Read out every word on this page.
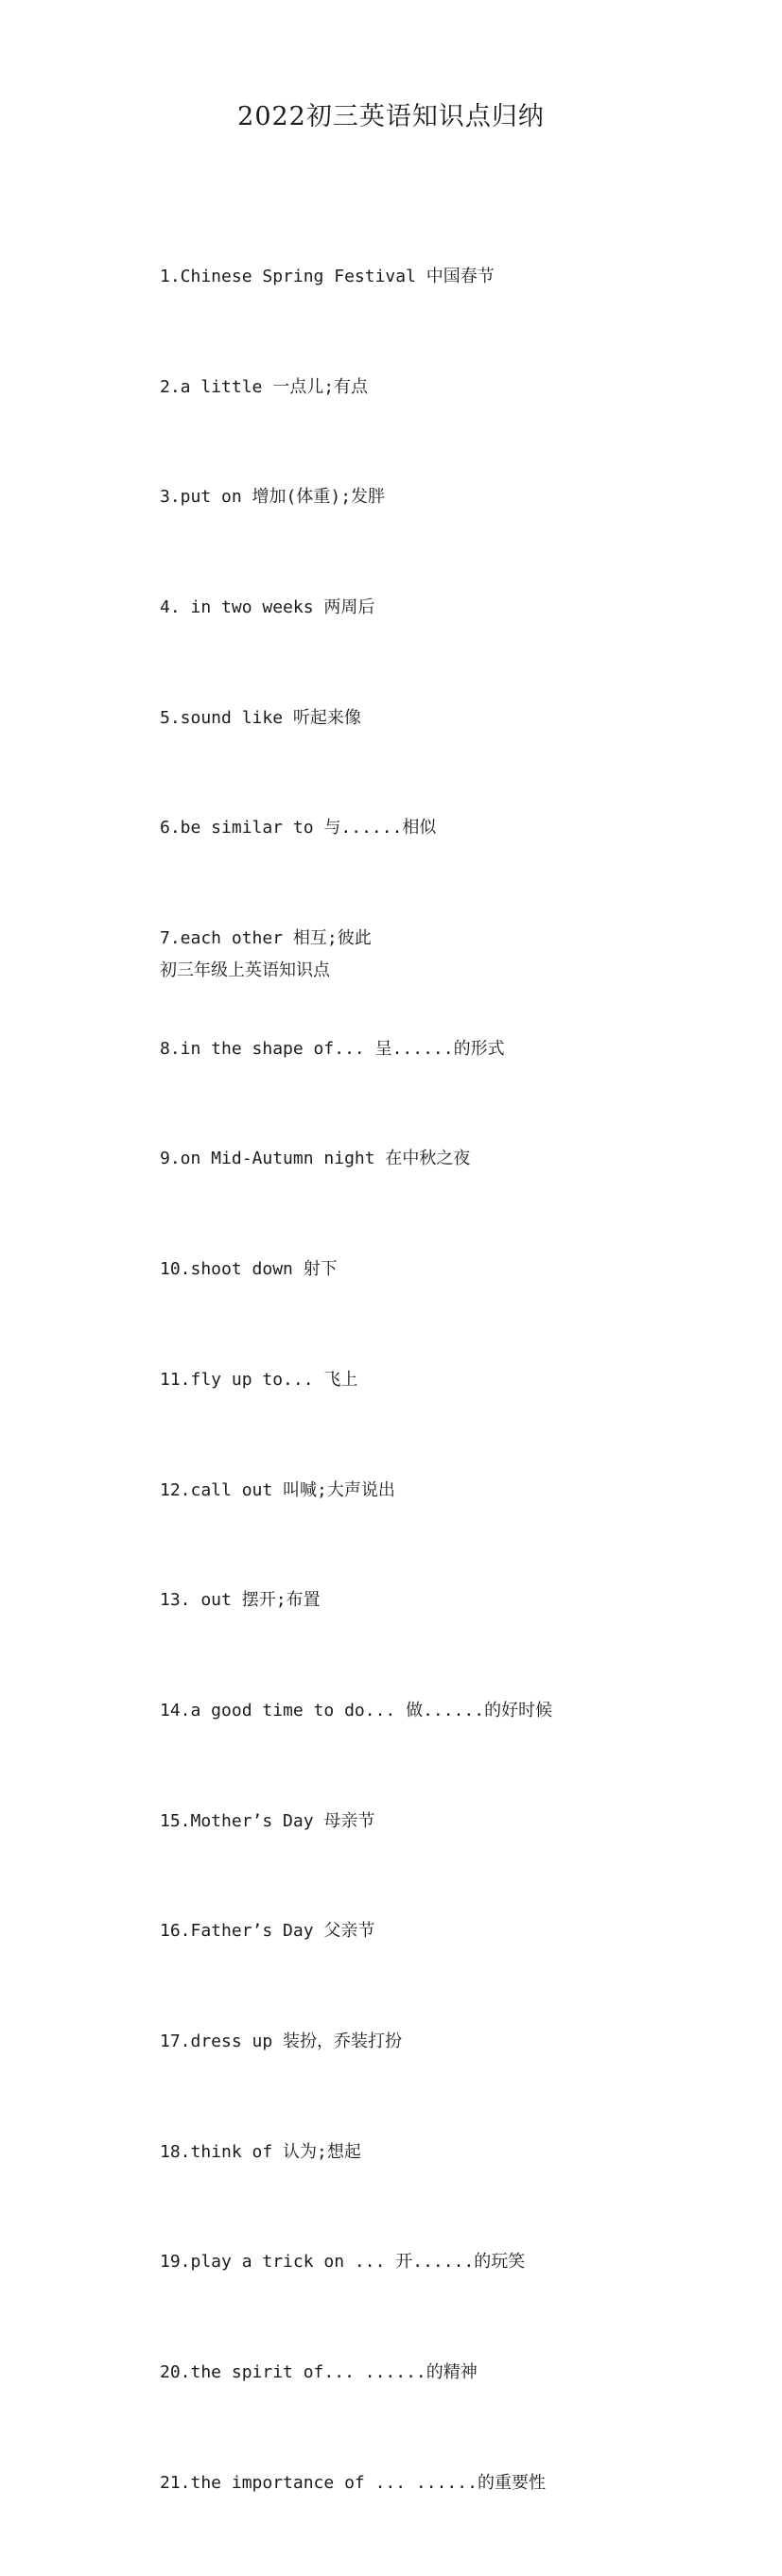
2022初三英语知识点归纳

1.Chinese Spring Festival 中国春节

2.a little 一点儿;有点

3.put on 增加(体重);发胖

4. in two weeks 两周后

5.sound like 听起来像

6.be similar to 与......相似

7.each other 相互;彼此

8.in the shape of... 呈......的形式

9.on Mid-Autumn night 在中秋之夜

10.shoot down 射下

11.fly up to... 飞上

12.call out 叫喊;大声说出

13. out 摆开;布置

14.a good time to do... 做......的好时候

15.Mother’s Day 母亲节

16.Father’s Day 父亲节

17.dress up 装扮，乔装打扮

18.think of 认为;想起

19.play a trick on ... 开......的玩笑

20.the spirit of... ......的精神

21.the importance of ... ......的重要性

初三年级上英语知识点
